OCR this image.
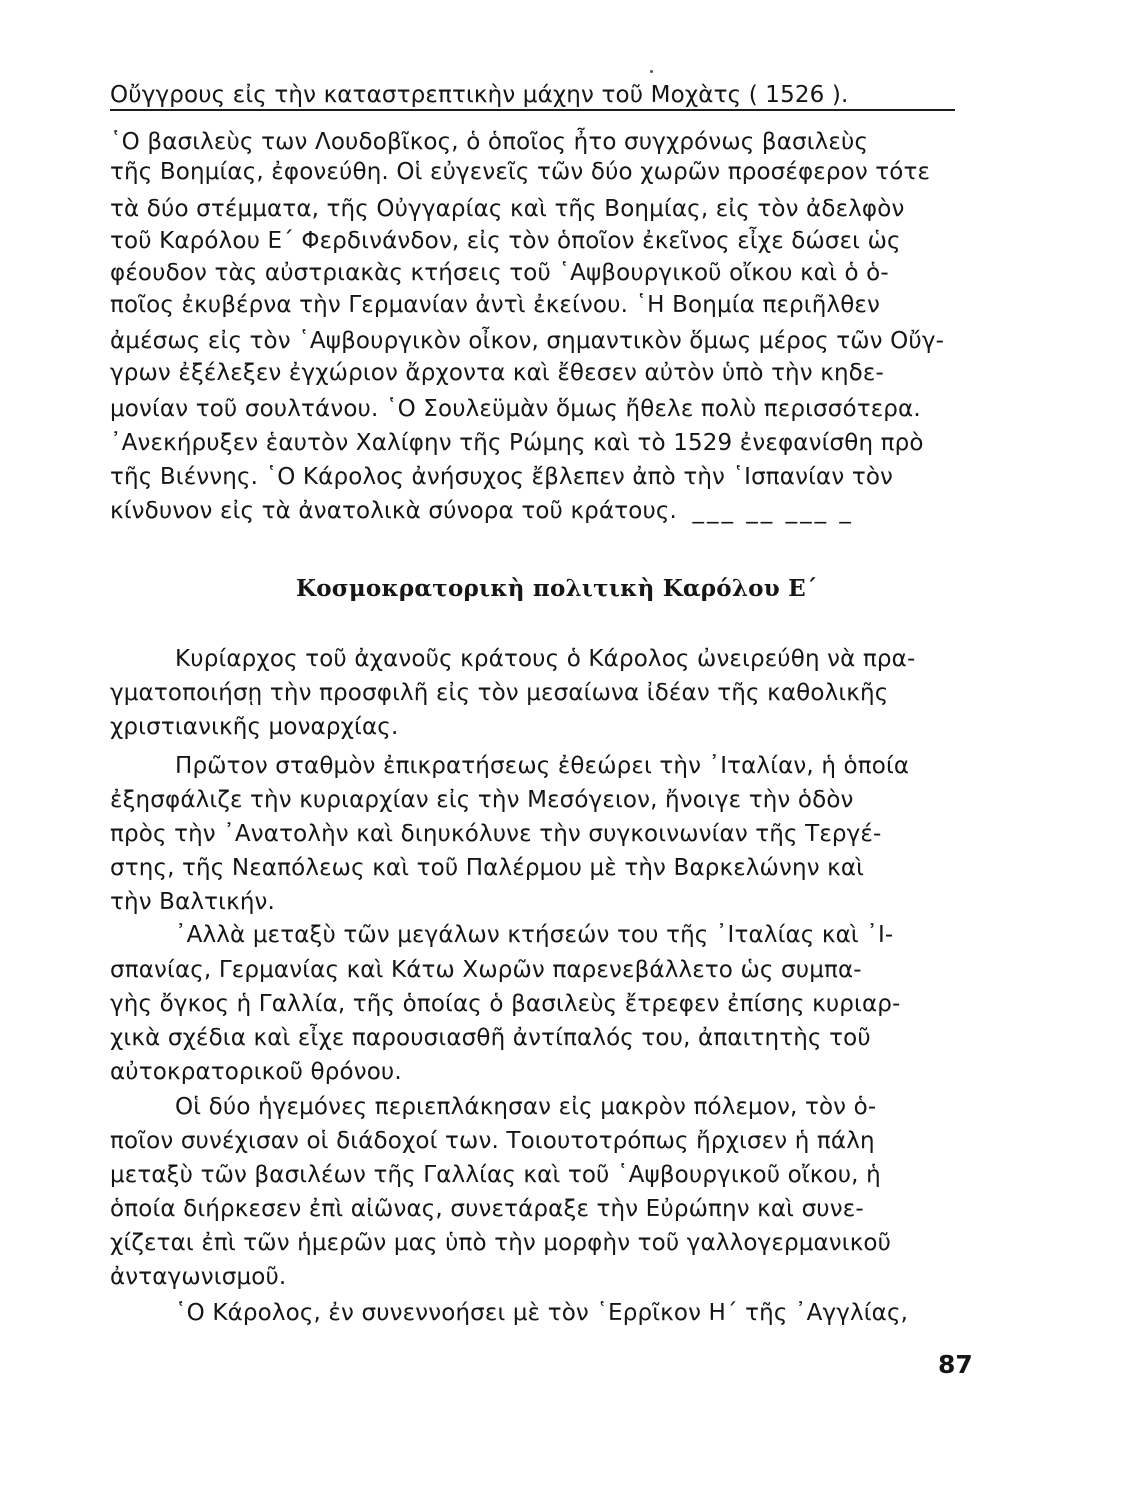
Οὔγγρους εἰς τὴν καταστρεπτικὴν μάχην τοῦ Μοχὰτς ( 1526 ).
῾Ο βασιλεὺς των Λουδοβῖκος, ὁ ὁποῖος ἦτο συγχρόνως βασιλεὺς
τῆς Βοημίας, ἐφονεύθη. Οἱ εὐγενεῖς τῶν δύο χωρῶν προσέφερον τότε
τὰ δύο στέμματα, τῆς Οὐγγαρίας καὶ τῆς Βοημίας, εἰς τὸν ἀδελφὸν
τοῦ Καρόλου Ε΄ Φερδινάνδον, εἰς τὸν ὁποῖον ἐκεῖνος εἶχε δώσει ὡς
φέουδον τὰς αὐστριακὰς κτήσεις τοῦ ῾Αψβουργικοῦ οἴκου καὶ ὁ ὁ-
ποῖος ἐκυβέρνα τὴν Γερμανίαν ἀντὶ ἐκείνου. ῾Η Βοημία περιῆλθεν
ἀμέσως εἰς τὸν ῾Αψβουργικὸν οἶκον, σημαντικὸν ὅμως μέρος τῶν Οὔγ-
γρων ἐξέλεξεν ἐγχώριον ἄρχοντα καὶ ἔθεσεν αὐτὸν ὑπὸ τὴν κηδε-
μονίαν τοῦ σουλτάνου. ῾Ο Σουλεϋμὰν ὅμως ἤθελε πολὺ περισσότερα.
᾿Ανεκήρυξεν ἑαυτὸν Χαλίφην τῆς Ρώμης καὶ τὸ 1529 ἐνεφανίσθη πρὸ
τῆς Βιέννης. ῾Ο Κάρολος ἀνήσυχος ἔβλεπεν ἀπὸ τὴν ῾Ισπανίαν τὸν
κίνδυνον εἰς τὰ ἀνατολικὰ σύνορα τοῦ κράτους. ___ __ ___ _
Κοσμοκρατορικὴ πολιτικὴ Καρόλου Ε΄
Κυρίαρχος τοῦ ἀχανοῦς κράτους ὁ Κάρολος ὠνειρεύθη νὰ πρα-
γματοποιήσῃ τὴν προσφιλῆ εἰς τὸν μεσαίωνα ἰδέαν τῆς καθολικῆς
χριστιανικῆς μοναρχίας.
Πρῶτον σταθμὸν ἐπικρατήσεως ἐθεώρει τὴν ᾿Ιταλίαν, ἡ ὁποία
ἐξησφάλιζε τὴν κυριαρχίαν εἰς τὴν Μεσόγειον, ἤνοιγε τὴν ὁδὸν
πρὸς τὴν ᾿Ανατολὴν καὶ διηυκόλυνε τὴν συγκοινωνίαν τῆς Τεργέ-
στης, τῆς Νεαπόλεως καὶ τοῦ Παλέρμου μὲ τὴν Βαρκελώνην καὶ
τὴν Βαλτικήν.
᾿Αλλὰ μεταξὺ τῶν μεγάλων κτήσεών του τῆς ᾿Ιταλίας καὶ ᾿Ι-
σπανίας, Γερμανίας καὶ Κάτω Χωρῶν παρενεβάλλετο ὡς συμπα-
γὴς ὄγκος ἡ Γαλλία, τῆς ὁποίας ὁ βασιλεὺς ἔτρεφεν ἐπίσης κυριαρ-
χικὰ σχέδια καὶ εἶχε παρουσιασθῆ ἀντίπαλός του, ἀπαιτητὴς τοῦ
αὐτοκρατορικοῦ θρόνου.
Οἱ δύο ἡγεμόνες περιεπλάκησαν εἰς μακρὸν πόλεμον, τὸν ὁ-
ποῖον συνέχισαν οἱ διάδοχοί των. Τοιουτοτρόπως ἤρχισεν ἡ πάλη
μεταξὺ τῶν βασιλέων τῆς Γαλλίας καὶ τοῦ ῾Αψβουργικοῦ οἴκου, ἡ
ὁποία διήρκεσεν ἐπὶ αἰῶνας, συνετάραξε τὴν Εὐρώπην καὶ συνε-
χίζεται ἐπὶ τῶν ἡμερῶν μας ὑπὸ τὴν μορφὴν τοῦ γαλλογερμανικοῦ
ἀνταγωνισμοῦ.
῾Ο Κάρολος, ἐν συνεννοήσει μὲ τὸν ῾Ερρῖκον Η΄ τῆς ᾿Αγγλίας,
87
